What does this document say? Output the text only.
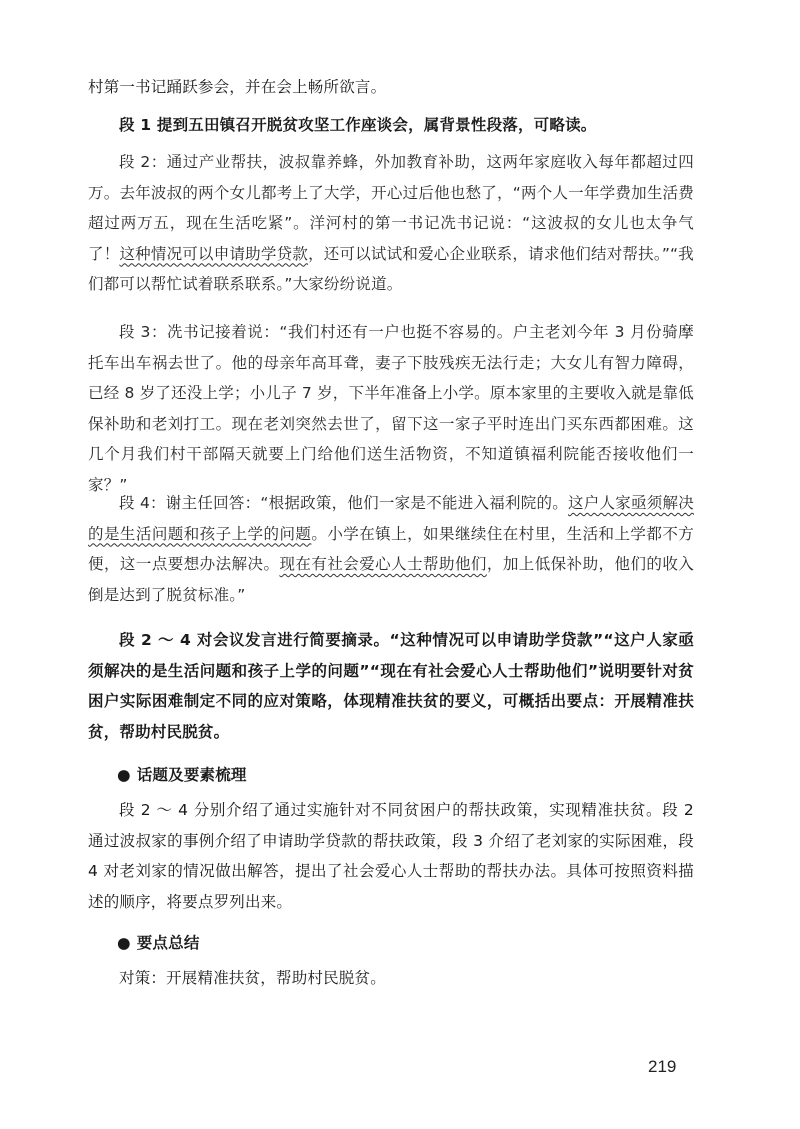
村第一书记踊跃参会，并在会上畅所欲言。

段 1 提到五田镇召开脱贫攻坚工作座谈会，属背景性段落，可略读。

段 2：通过产业帮扶，波叔靠养蜂，外加教育补助，这两年家庭收入每年都超过四万。去年波叔的两个女儿都考上了大学，开心过后他也愁了，“两个人一年学费加生活费超过两万五，现在生活吃紧”。洋河村的第一书记冼书记说：“这波叔的女儿也太争气了！这种情况可以申请助学贷款，还可以试试和爱心企业联系，请求他们结对帮扶。”“我们都可以帮忙试着联系联系。”大家纷纷说道。

段 3：冼书记接着说：“我们村还有一户也挺不容易的。户主老刘今年 3 月份骑摩托车出车祸去世了。他的母亲年高耳聋，妻子下肢残疾无法行走；大女儿有智力障碍，已经 8 岁了还没上学；小儿子 7 岁，下半年准备上小学。原本家里的主要收入就是靠低保补助和老刘打工。现在老刘突然去世了，留下这一家子平时连出门买东西都困难。这几个月我们村干部隔天就要上门给他们送生活物资，不知道镇福利院能否接收他们一家？”

段 4：谢主任回答：“根据政策，他们一家是不能进入福利院的。这户人家亟须解决的是生活问题和孩子上学的问题。小学在镇上，如果继续住在村里，生活和上学都不方便，这一点要想办法解决。现在有社会爱心人士帮助他们，加上低保补助，他们的收入倒是达到了脱贫标准。”

段 2 ～ 4 对会议发言进行简要摘录。“这种情况可以申请助学贷款”“这户人家亟须解决的是生活问题和孩子上学的问题”“现在有社会爱心人士帮助他们”说明要针对贫困户实际困难制定不同的应对策略，体现精准扶贫的要义，可概括出要点：开展精准扶贫，帮助村民脱贫。

● 话题及要素梳理

段 2 ～ 4 分别介绍了通过实施针对不同贫困户的帮扶政策，实现精准扶贫。段 2 通过波叔家的事例介绍了申请助学贷款的帮扶政策，段 3 介绍了老刘家的实际困难，段 4 对老刘家的情况做出解答，提出了社会爱心人士帮助的帮扶办法。具体可按照资料描述的顺序，将要点罗列出来。

● 要点总结

对策：开展精准扶贫，帮助村民脱贫。

219
